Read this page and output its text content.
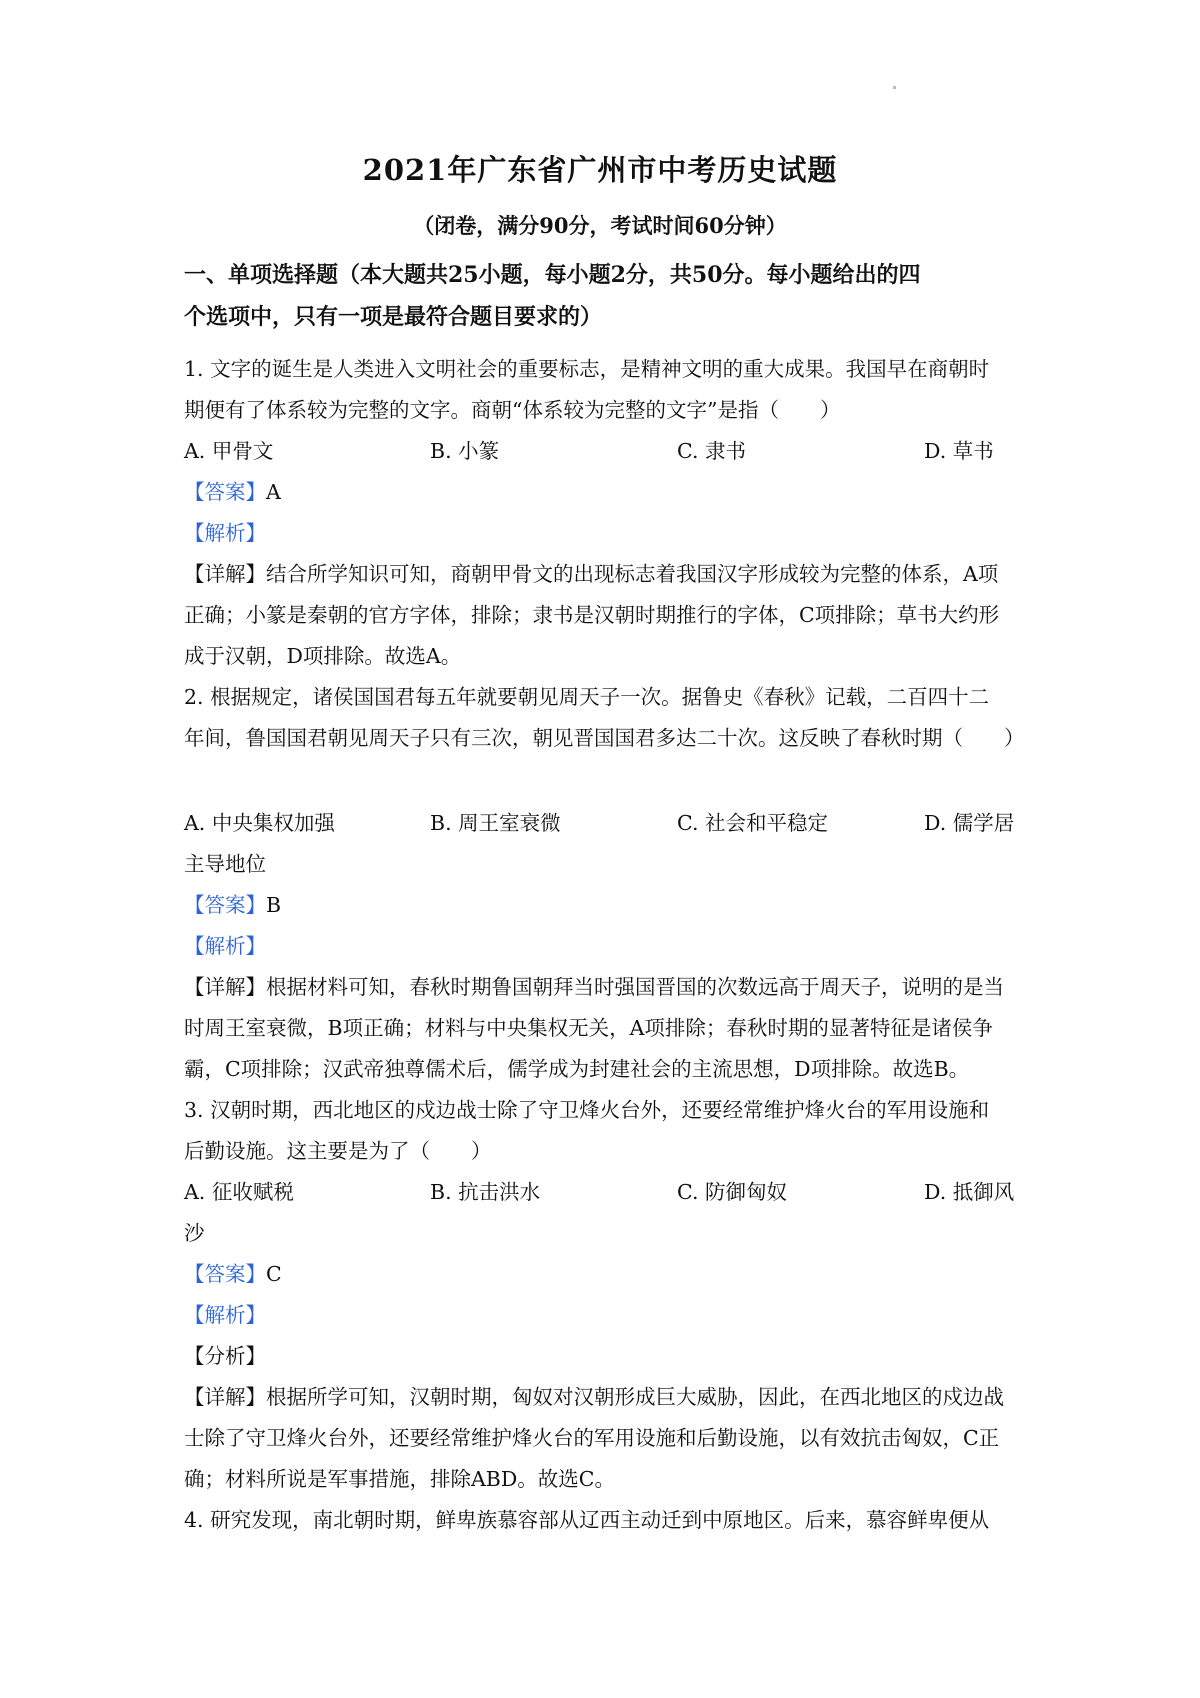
2021年广东省广州市中考历史试题
（闭卷，满分90分，考试时间60分钟）
一、单项选择题（本大题共25小题，每小题2分，共50分。每小题给出的四
个选项中，只有一项是最符合题目要求的）
1. 文字的诞生是人类进入文明社会的重要标志，是精神文明的重大成果。我国早在商朝时
期便有了体系较为完整的文字。商朝“体系较为完整的文字”是指（　　）
A. 甲骨文	B. 小篆	C. 隶书	D. 草书
【答案】A
【解析】
【详解】结合所学知识可知，商朝甲骨文的出现标志着我国汉字形成较为完整的体系，A项
正确；小篆是秦朝的官方字体，排除；隶书是汉朝时期推行的字体，C项排除；草书大约形
成于汉朝，D项排除。故选A。
2. 根据规定，诸侯国国君每五年就要朝见周天子一次。据鲁史《春秋》记载，二百四十二
年间，鲁国国君朝见周天子只有三次，朝见晋国国君多达二十次。这反映了春秋时期（　　）
A. 中央集权加强	B. 周王室衰微	C. 社会和平稳定	D. 儒学居
主导地位
【答案】B
【解析】
【详解】根据材料可知，春秋时期鲁国朝拜当时强国晋国的次数远高于周天子，说明的是当
时周王室衰微，B项正确；材料与中央集权无关，A项排除；春秋时期的显著特征是诸侯争
霸，C项排除；汉武帝独尊儒术后，儒学成为封建社会的主流思想，D项排除。故选B。
3. 汉朝时期，西北地区的戍边战士除了守卫烽火台外，还要经常维护烽火台的军用设施和
后勤设施。这主要是为了（　　）
A. 征收赋税	B. 抗击洪水	C. 防御匈奴	D. 抵御风
沙
【答案】C
【解析】
【分析】
【详解】根据所学可知，汉朝时期，匈奴对汉朝形成巨大威胁，因此，在西北地区的戍边战
士除了守卫烽火台外，还要经常维护烽火台的军用设施和后勤设施，以有效抗击匈奴，C正
确；材料所说是军事措施，排除ABD。故选C。
4. 研究发现，南北朝时期，鲜卑族慕容部从辽西主动迁到中原地区。后来，慕容鲜卑便从
